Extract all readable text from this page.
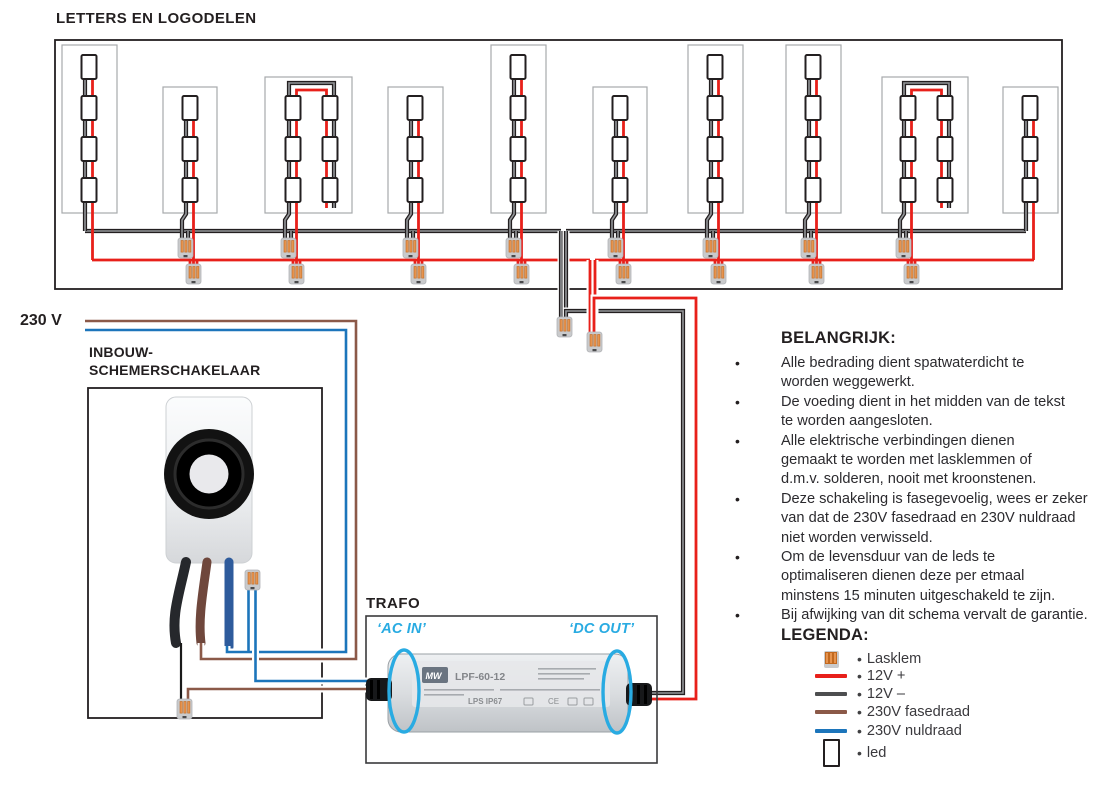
MW LPF-60-12
LPS IP67	CE
LETTERS EN LOGODELEN
230 V
INBOUW-
SCHEMERSCHAKELAAR
TRAFO
‘AC IN’	‘DC OUT’
BELANGRIJK:
•	Alle bedrading dient spatwaterdicht te
worden weggewerkt.
•	De voeding dient in het midden van de tekst
te worden aangesloten.
•	Alle elektrische verbindingen dienen
gemaakt te worden met lasklemmen of
d.m.v. solderen, nooit met kroonstenen.
•	Deze schakeling is fasegevoelig, wees er zeker
van dat de 230V fasedraad en 230V nuldraad
niet worden verwisseld.
•	Om de levensduur van de leds te
optimaliseren dienen deze per etmaal
minstens 15 minuten uitgeschakeld te zijn.
•	Bij afwijking van dit schema vervalt de garantie.
LEGENDA:
• Lasklem
• 12V +
• 12V –
• 230V fasedraad
• 230V nuldraad
• led
